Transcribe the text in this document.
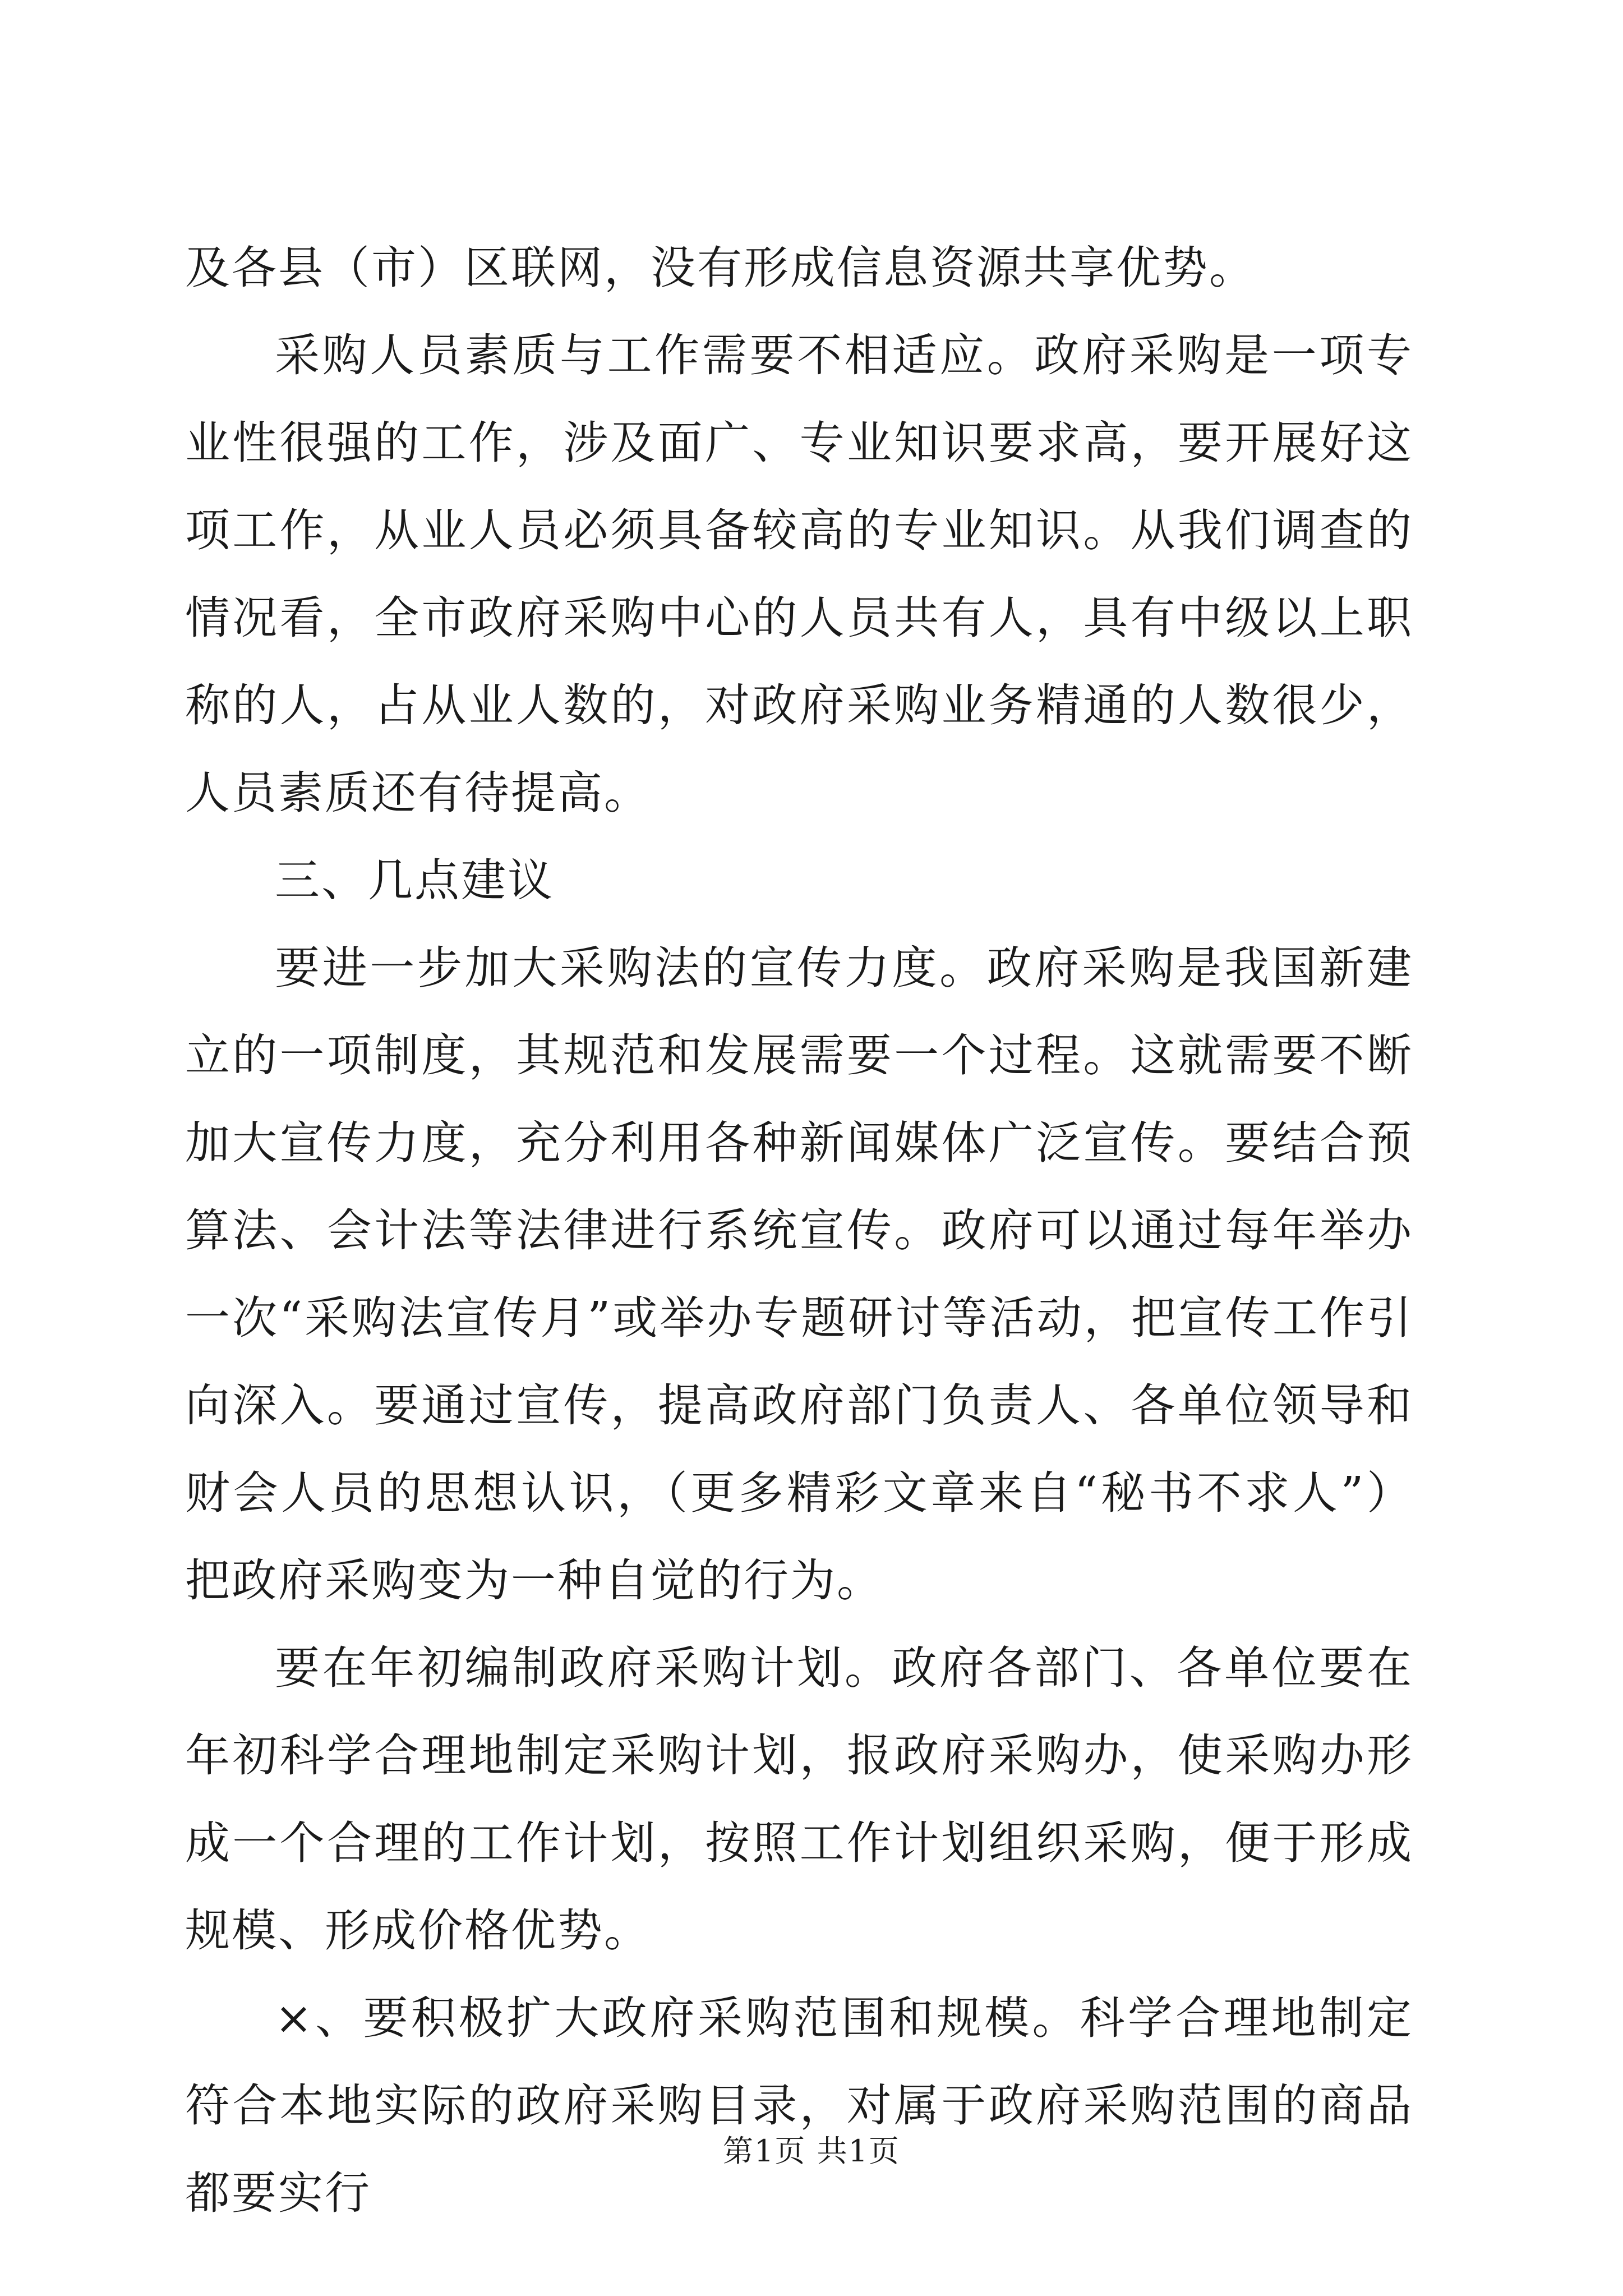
及各县（市）区联网，没有形成信息资源共享优势。

采购人员素质与工作需要不相适应。政府采购是一项专业性很强的工作，涉及面广、专业知识要求高，要开展好这项工作，从业人员必须具备较高的专业知识。从我们调查的情况看，全市政府采购中心的人员共有人，具有中级以上职称的人，占从业人数的，对政府采购业务精通的人数很少，人员素质还有待提高。

三、几点建议

要进一步加大采购法的宣传力度。政府采购是我国新建立的一项制度，其规范和发展需要一个过程。这就需要不断加大宣传力度，充分利用各种新闻媒体广泛宣传。要结合预算法、会计法等法律进行系统宣传。政府可以通过每年举办一次“采购法宣传月”或举办专题研讨等活动，把宣传工作引向深入。要通过宣传，提高政府部门负责人、各单位领导和财会人员的思想认识，（更多精彩文章来自“秘书不求人”）把政府采购变为一种自觉的行为。

要在年初编制政府采购计划。政府各部门、各单位要在年初科学合理地制定采购计划，报政府采购办，使采购办形成一个合理的工作计划，按照工作计划组织采购，便于形成规模、形成价格优势。

×、要积极扩大政府采购范围和规模。科学合理地制定符合本地实际的政府采购目录，对属于政府采购范围的商品都要实行

第1页 共1页
